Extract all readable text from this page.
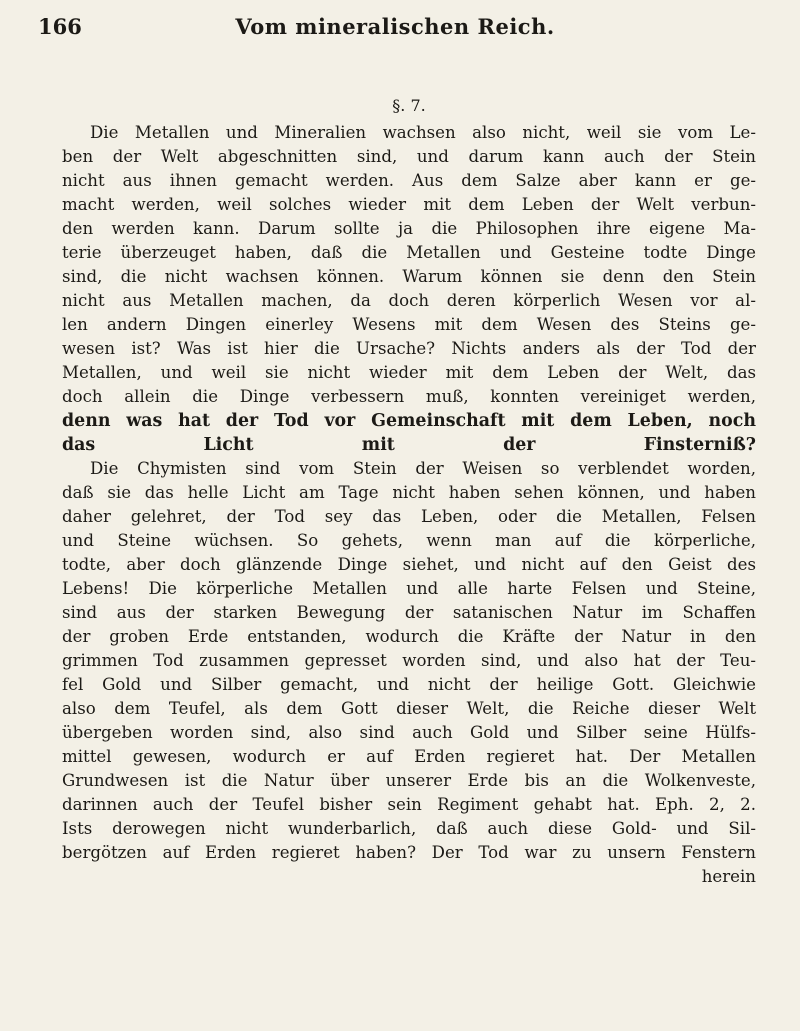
166	Vom mineralischen Reich.
§. 7.
Die Metallen und Mineralien wachsen also nicht, weil sie vom Le-
ben der Welt abgeschnitten sind, und darum kann auch der Stein
nicht aus ihnen gemacht werden. Aus dem Salze aber kann er ge-
macht werden, weil solches wieder mit dem Leben der Welt verbun-
den werden kann. Darum sollte ja die Philosophen ihre eigene Ma-
terie überzeuget haben, daß die Metallen und Gesteine todte Dinge
sind, die nicht wachsen können. Warum können sie denn den Stein
nicht aus Metallen machen, da doch deren körperlich Wesen vor al-
len andern Dingen einerley Wesens mit dem Wesen des Steins ge-
wesen ist? Was ist hier die Ursache? Nichts anders als der Tod der
Metallen, und weil sie nicht wieder mit dem Leben der Welt, das
doch allein die Dinge verbessern muß, konnten vereiniget werden,
denn was hat der Tod vor Gemeinschaft mit dem Leben, noch
das Licht mit der Finsterniß?
Die Chymisten sind vom Stein der Weisen so verblendet worden,
daß sie das helle Licht am Tage nicht haben sehen können, und haben
daher gelehret, der Tod sey das Leben, oder die Metallen, Felsen
und Steine wüchsen. So gehets, wenn man auf die körperliche,
todte, aber doch glänzende Dinge siehet, und nicht auf den Geist des
Lebens! Die körperliche Metallen und alle harte Felsen und Steine,
sind aus der starken Bewegung der satanischen Natur im Schaffen
der groben Erde entstanden, wodurch die Kräfte der Natur in den
grimmen Tod zusammen gepresset worden sind, und also hat der Teu-
fel Gold und Silber gemacht, und nicht der heilige Gott. Gleichwie
also dem Teufel, als dem Gott dieser Welt, die Reiche dieser Welt
übergeben worden sind, also sind auch Gold und Silber seine Hülfs-
mittel gewesen, wodurch er auf Erden regieret hat. Der Metallen
Grundwesen ist die Natur über unserer Erde bis an die Wolkenveste,
darinnen auch der Teufel bisher sein Regiment gehabt hat. Eph. 2, 2.
Ists derowegen nicht wunderbarlich, daß auch diese Gold- und Sil-
bergötzen auf Erden regieret haben? Der Tod war zu unsern Fenstern
herein
